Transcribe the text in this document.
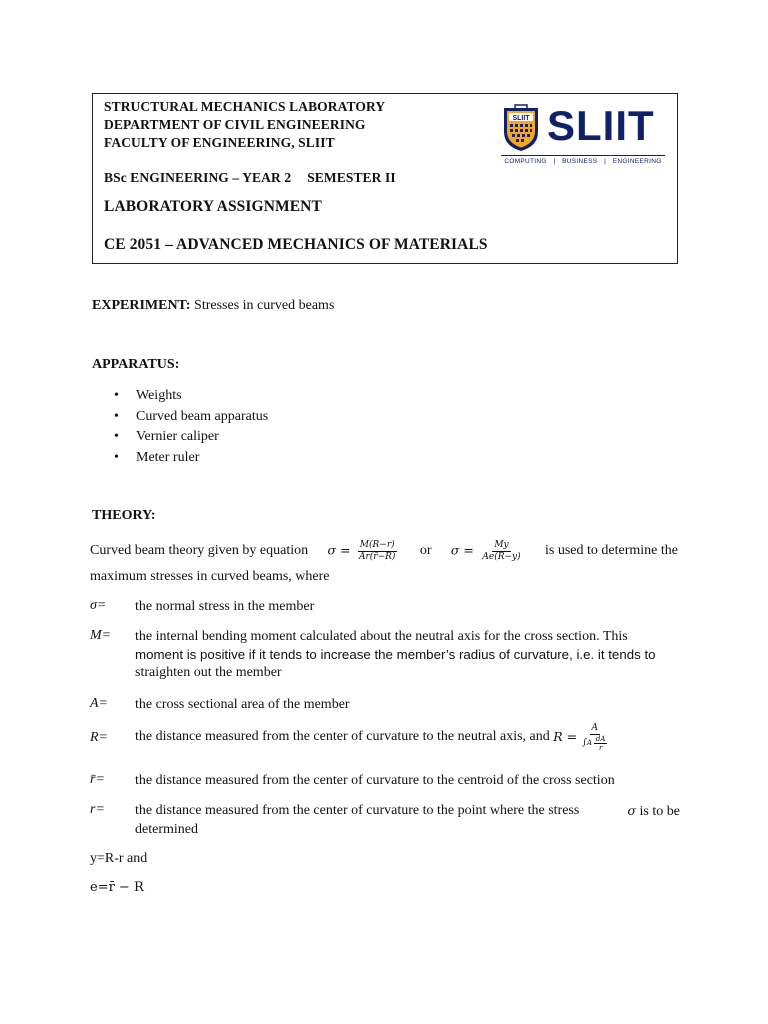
STRUCTURAL MECHANICS LABORATORY
DEPARTMENT OF CIVIL ENGINEERING
FACULTY OF ENGINEERING, SLIIT
BSc ENGINEERING – YEAR 2 SEMESTER II
LABORATORY ASSIGNMENT
CE 2051 – ADVANCED MECHANICS OF MATERIALS
SLIIT SLIIT
COMPUTING | BUSINESS | ENGINEERING
EXPERIMENT: Stresses in curved beams
APPARATUS:
• Weights
• Curved beam apparatus
• Vernier caliper
• Meter ruler
THEORY:
Curved beam theory given by equation $\sigma = \frac{M(R-r)}{Ar(r̄-R)}$ or $\sigma = \frac{My}{Ae(R-y)}$ is used to determine the
maximum stresses in curved beams, where
σ= the normal stress in the member
M= the internal bending moment calculated about the neutral axis for the cross section. This
moment is positive if it tends to increase the member’s radius of curvature, i.e. it tends to
straighten out the member
A= the cross sectional area of the member
R= the distance measured from the center of curvature to the neutral axis, and $R = \frac{A}{\int A \frac{dA}{r}}$
r̄= the distance measured from the center of curvature to the centroid of the cross section
r= the distance measured from the center of curvature to the point where the stress	σ is to be
determined
y=R-r and
e=r̄ − R
